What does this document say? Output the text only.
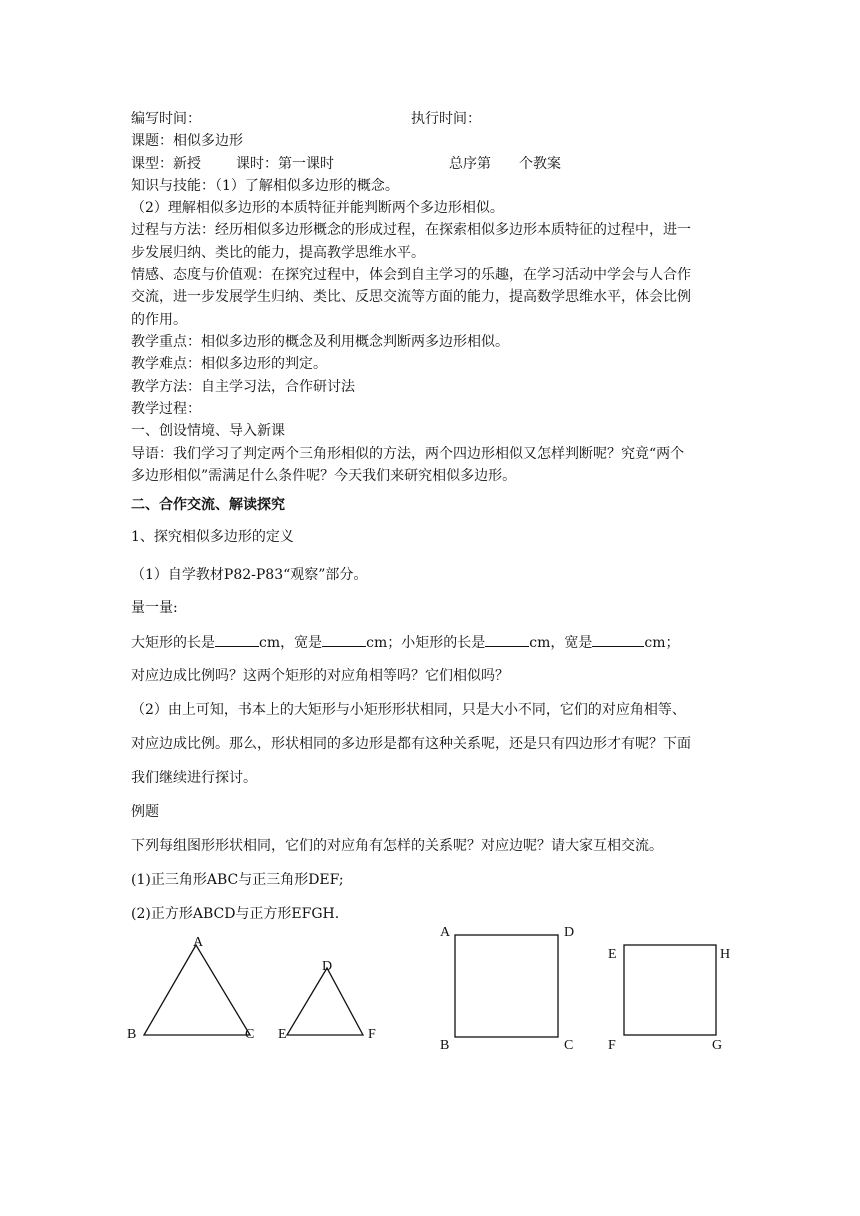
编写时间：	执行时间：
课题：相似多边形
课型：新授	课时：第一课时	总序第　　个教案
知识与技能：（1）了解相似多边形的概念。
（2）理解相似多边形的本质特征并能判断两个多边形相似。
过程与方法：经历相似多边形概念的形成过程，在探索相似多边形本质特征的过程中，进一
步发展归纳、类比的能力，提高教学思维水平。
情感、态度与价值观：在探究过程中，体会到自主学习的乐趣，在学习活动中学会与人合作
交流，进一步发展学生归纳、类比、反思交流等方面的能力，提高数学思维水平，体会比例
的作用。
教学重点：相似多边形的概念及利用概念判断两多边形相似。
教学难点：相似多边形的判定。
教学方法：自主学习法，合作研讨法
教学过程：
一、创设情境、导入新课
导语：我们学习了判定两个三角形相似的方法，两个四边形相似又怎样判断呢？究竟“两个
多边形相似”需满足什么条件呢？今天我们来研究相似多边形。
二、合作交流、解读探究
1、探究相似多边形的定义
（1）自学教材P82-P83“观察”部分。
量一量:
大矩形的长是	cm，宽是	cm；小矩形的长是	cm，宽是	cm；
对应边成比例吗？这两个矩形的对应角相等吗？它们相似吗？
（2）由上可知，书本上的大矩形与小矩形形状相同，只是大小不同，它们的对应角相等、
对应边成比例。那么，形状相同的多边形是都有这种关系呢，还是只有四边形才有呢？下面
我们继续进行探讨。
例题
下列每组图形形状相同，它们的对应角有怎样的关系呢？对应边呢？请大家互相交流。
(1)正三角形ABC与正三角形DEF;
(2)正方形ABCD与正方形EFGH.
A
B	C
D
E	F
A	D
B	C
E	H
F	G
